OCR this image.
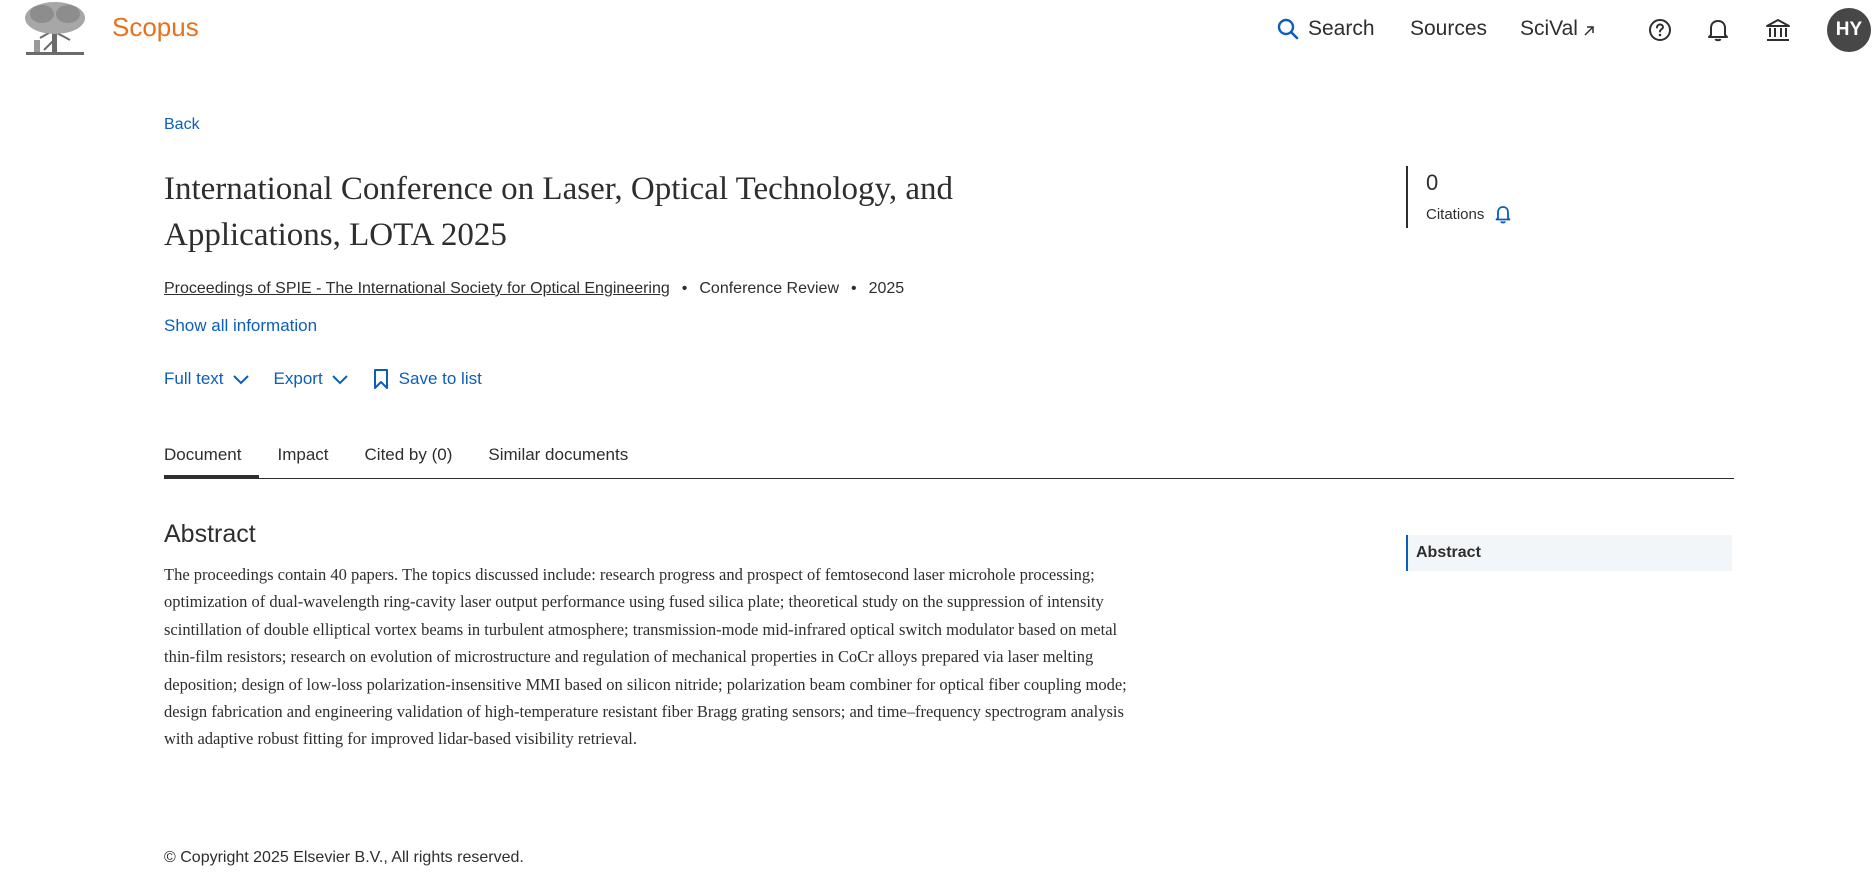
Scopus	Search Sources SciVal	HY
Back
International Conference on Laser, Optical Technology, and Applications, LOTA 2025
Proceedings of SPIE - The International Society for Optical Engineering • Conference Review • 2025
Show all information
Full text	Export	Save to list
0
Citations
Document Impact Cited by (0) Similar documents
Abstract

The proceedings contain 40 papers. The topics discussed include: research progress and prospect of femtosecond laser microhole processing; optimization of dual-wavelength ring-cavity laser output performance using fused silica plate; theoretical study on the suppression of intensity scintillation of double elliptical vortex beams in turbulent atmosphere; transmission-mode mid-infrared optical switch modulator based on metal thin-film resistors; research on evolution of microstructure and regulation of mechanical properties in CoCr alloys prepared via laser melting deposition; design of low-loss polarization-insensitive MMI based on silicon nitride; polarization beam combiner for optical fiber coupling mode; design fabrication and engineering validation of high-temperature resistant fiber Bragg grating sensors; and time–frequency spectrogram analysis with adaptive robust fitting for improved lidar-based visibility retrieval.

Abstract
© Copyright 2025 Elsevier B.V., All rights reserved.
